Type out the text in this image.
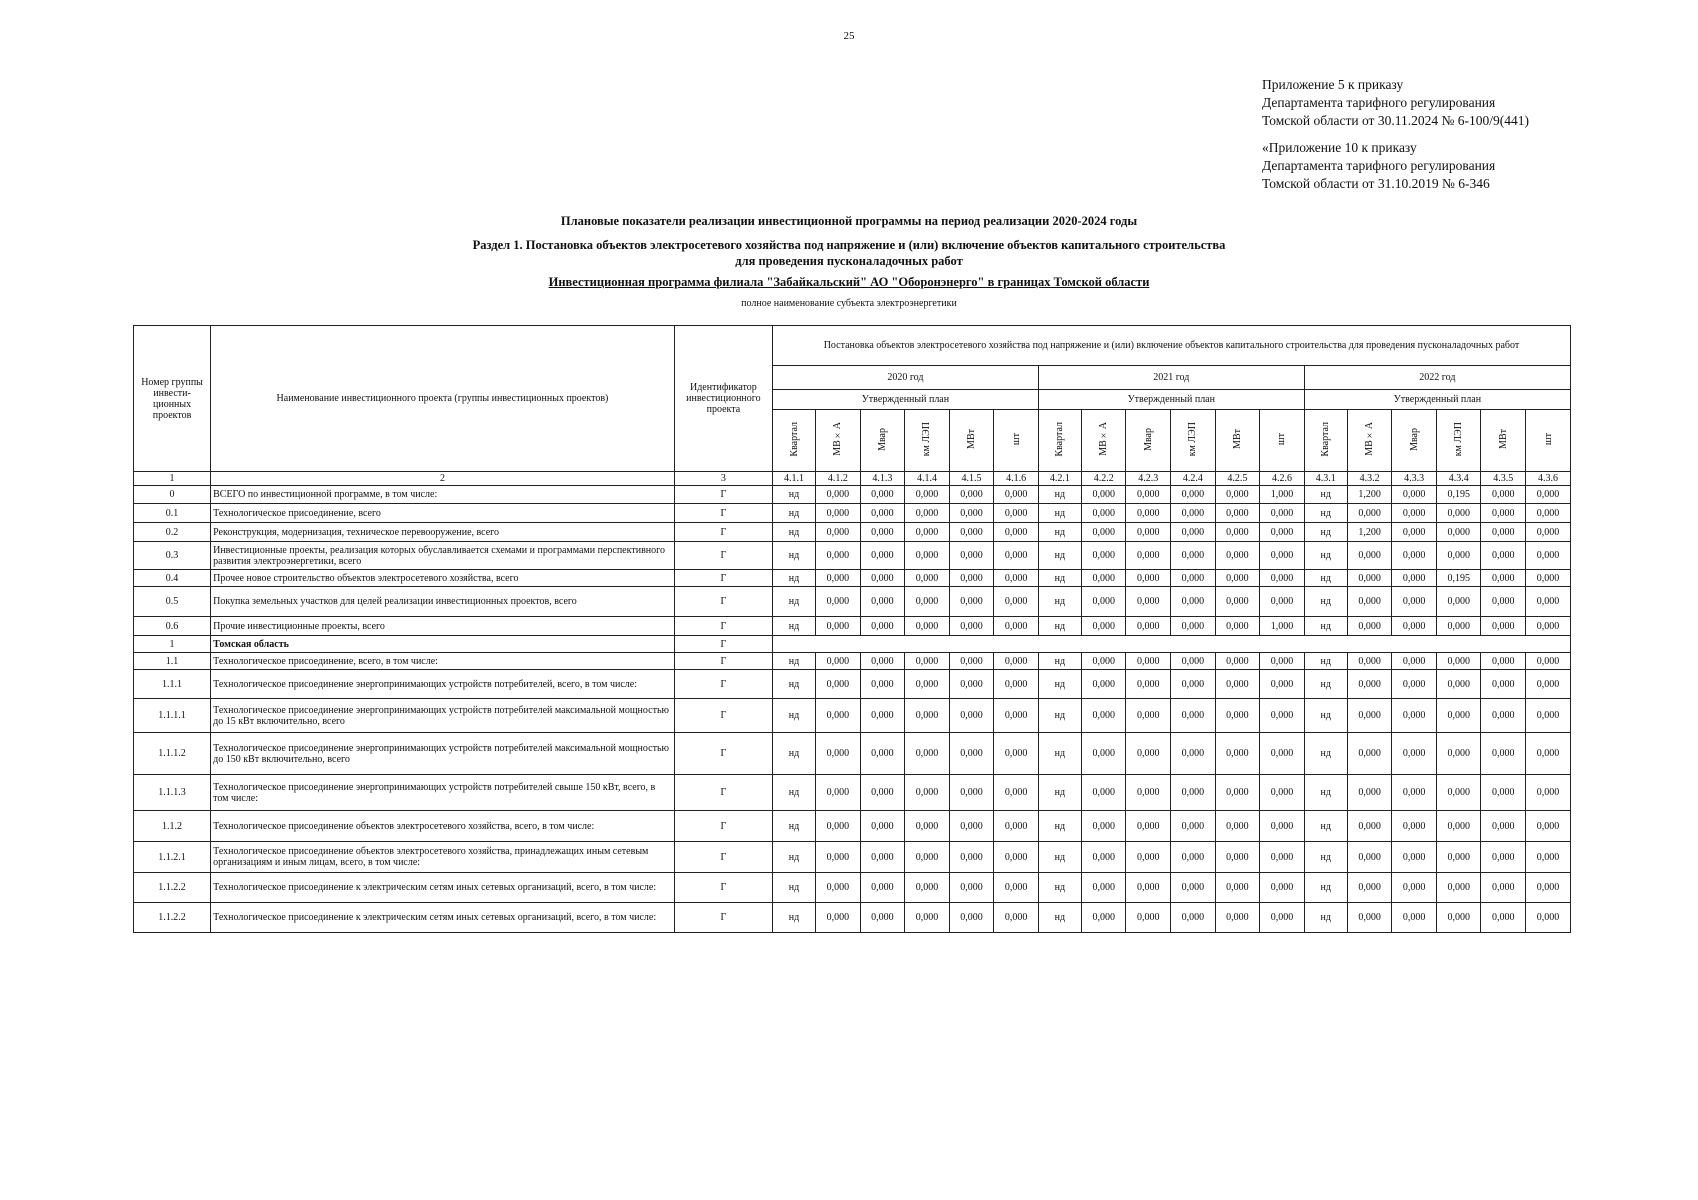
25
Приложение 5 к приказу
Департамента тарифного регулирования
Томской области от 30.11.2024 № 6-100/9(441)
«Приложение 10 к приказу
Департамента тарифного регулирования
Томской области от 31.10.2019 № 6-346
Плановые показатели реализации инвестиционной программы на период реализации 2020-2024 годы
Раздел 1. Постановка объектов электросетевого хозяйства под напряжение и (или) включение объектов капитального строительства
для проведения пусконаладочных работ
Инвестиционная программа филиала "Забайкальский" АО "Оборонэнерго" в границах Томской области
полное наименование субъекта электроэнергетики
Номер группы инвести-ционных проектов	Наименование инвестиционного проекта (группы инвестиционных проектов)	Идентификатор инвестиционного проекта	Постановка объектов электросетевого хозяйства под напряжение и (или) включение объектов капитального строительства для проведения пусконаладочных работ																	
			2020 год						2021 год						2022 год					
			Утвержденный план						Утвержденный план						Утвержденный план					
			Квартал	МВ×А	Мвар	км ЛЭП	МВт	шт	Квартал	МВ×А	Мвар	км ЛЭП	МВт	шт	Квартал	МВ×А	Мвар	км ЛЭП	МВт	шт
1	2	3	4.1.1	4.1.2	4.1.3	4.1.4	4.1.5	4.1.6	4.2.1	4.2.2	4.2.3	4.2.4	4.2.5	4.2.6	4.3.1	4.3.2	4.3.3	4.3.4	4.3.5	4.3.6
0	ВСЕГО по инвестиционной программе, в том числе:	Г	нд	0,000	0,000	0,000	0,000	0,000	нд	0,000	0,000	0,000	0,000	1,000	нд	1,200	0,000	0,195	0,000	0,000
0.1	Технологическое присоединение, всего	Г	нд	0,000	0,000	0,000	0,000	0,000	нд	0,000	0,000	0,000	0,000	0,000	нд	0,000	0,000	0,000	0,000	0,000
0.2	Реконструкция, модернизация, техническое перевооружение, всего	Г	нд	0,000	0,000	0,000	0,000	0,000	нд	0,000	0,000	0,000	0,000	0,000	нд	1,200	0,000	0,000	0,000	0,000
0.3	Инвестиционные проекты, реализация которых обуславливается схемами и программами перспективного развития электроэнергетики, всего	Г	нд	0,000	0,000	0,000	0,000	0,000	нд	0,000	0,000	0,000	0,000	0,000	нд	0,000	0,000	0,000	0,000	0,000
0.4	Прочее новое строительство объектов электросетевого хозяйства, всего	Г	нд	0,000	0,000	0,000	0,000	0,000	нд	0,000	0,000	0,000	0,000	0,000	нд	0,000	0,000	0,195	0,000	0,000
0.5	Покупка земельных участков для целей реализации инвестиционных проектов, всего	Г	нд	0,000	0,000	0,000	0,000	0,000	нд	0,000	0,000	0,000	0,000	0,000	нд	0,000	0,000	0,000	0,000	0,000
0.6	Прочие инвестиционные проекты, всего	Г	нд	0,000	0,000	0,000	0,000	0,000	нд	0,000	0,000	0,000	0,000	1,000	нд	0,000	0,000	0,000	0,000	0,000
1	Томская область	Г																		
1.1	Технологическое присоединение, всего, в том числе:	Г	нд	0,000	0,000	0,000	0,000	0,000	нд	0,000	0,000	0,000	0,000	0,000	нд	0,000	0,000	0,000	0,000	0,000
1.1.1	Технологическое присоединение энергопринимающих устройств потребителей, всего, в том числе:	Г	нд	0,000	0,000	0,000	0,000	0,000	нд	0,000	0,000	0,000	0,000	0,000	нд	0,000	0,000	0,000	0,000	0,000
1.1.1.1	Технологическое присоединение энергопринимающих устройств потребителей максимальной мощностью до 15 кВт включительно, всего	Г	нд	0,000	0,000	0,000	0,000	0,000	нд	0,000	0,000	0,000	0,000	0,000	нд	0,000	0,000	0,000	0,000	0,000
1.1.1.2	Технологическое присоединение энергопринимающих устройств потребителей максимальной мощностью до 150 кВт включительно, всего	Г	нд	0,000	0,000	0,000	0,000	0,000	нд	0,000	0,000	0,000	0,000	0,000	нд	0,000	0,000	0,000	0,000	0,000
1.1.1.3	Технологическое присоединение энергопринимающих устройств потребителей свыше 150 кВт, всего, в том числе:	Г	нд	0,000	0,000	0,000	0,000	0,000	нд	0,000	0,000	0,000	0,000	0,000	нд	0,000	0,000	0,000	0,000	0,000
1.1.2	Технологическое присоединение объектов электросетевого хозяйства, всего, в том числе:	Г	нд	0,000	0,000	0,000	0,000	0,000	нд	0,000	0,000	0,000	0,000	0,000	нд	0,000	0,000	0,000	0,000	0,000
1.1.2.1	Технологическое присоединение объектов электросетевого хозяйства, принадлежащих иным сетевым организациям и иным лицам, всего, в том числе:	Г	нд	0,000	0,000	0,000	0,000	0,000	нд	0,000	0,000	0,000	0,000	0,000	нд	0,000	0,000	0,000	0,000	0,000
1.1.2.2	Технологическое присоединение к электрическим сетям иных сетевых организаций, всего, в том числе:	Г	нд	0,000	0,000	0,000	0,000	0,000	нд	0,000	0,000	0,000	0,000	0,000	нд	0,000	0,000	0,000	0,000	0,000
1.1.2.2	Технологическое присоединение к электрическим сетям иных сетевых организаций, всего, в том числе:	Г	нд	0,000	0,000	0,000	0,000	0,000	нд	0,000	0,000	0,000	0,000	0,000	нд	0,000	0,000	0,000	0,000	0,000
